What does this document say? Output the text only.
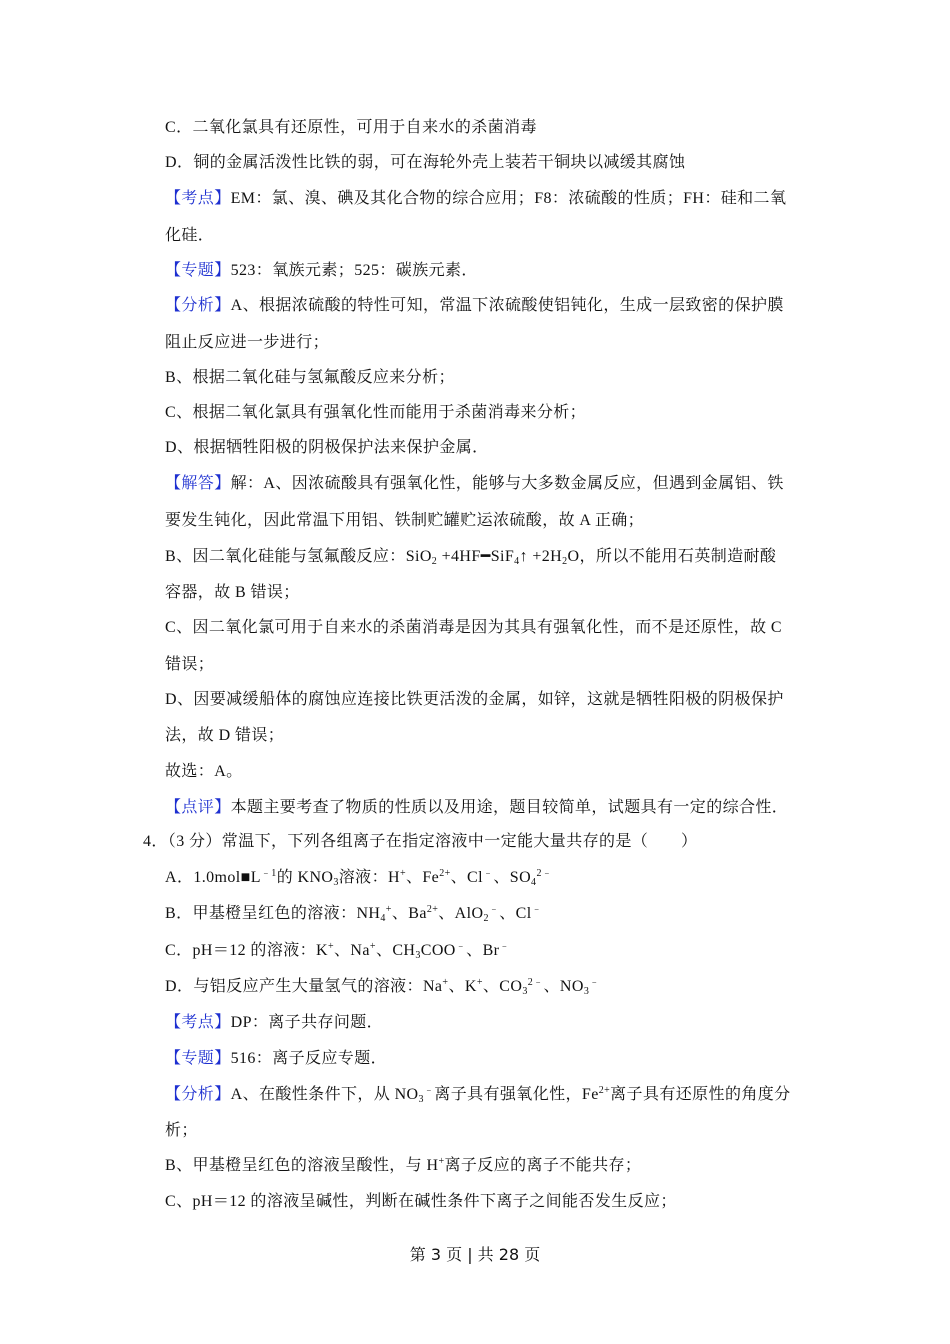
C．二氧化氯具有还原性，可用于自来水的杀菌消毒
D．铜的金属活泼性比铁的弱，可在海轮外壳上装若干铜块以减缓其腐蚀
【考点】EM：氯、溴、碘及其化合物的综合应用；F8：浓硫酸的性质；FH：硅和二氧
化硅．
【专题】523：氧族元素；525：碳族元素．
【分析】A、根据浓硫酸的特性可知，常温下浓硫酸使铝钝化，生成一层致密的保护膜
阻止反应进一步进行；
B、根据二氧化硅与氢氟酸反应来分析；
C、根据二氧化氯具有强氧化性而能用于杀菌消毒来分析；
D、根据牺牲阳极的阴极保护法来保护金属．
【解答】解：A、因浓硫酸具有强氧化性，能够与大多数金属反应，但遇到金属铝、铁
要发生钝化，因此常温下用铝、铁制贮罐贮运浓硫酸，故 A 正确；
B、因二氧化硅能与氢氟酸反应：SiO$_2$ +4HF━SiF$_4$↑ $+2H_2O$，所以不能用石英制造耐酸
容器，故 B 错误；
C、因二氧化氯可用于自来水的杀菌消毒是因为其具有强氧化性，而不是还原性，故 C
错误；
D、因要减缓船体的腐蚀应连接比铁更活泼的金属，如锌，这就是牺牲阳极的阴极保护
法，故 D 错误；
故选：A。
【点评】本题主要考查了物质的性质以及用途，题目较简单，试题具有一定的综合性．
4．（3 分）常温下，下列各组离子在指定溶液中一定能大量共存的是（　　）
A．$1.0mol■L^{﹣1}$的 $KNO_3$溶液：H+、$Fe^{2+}$、Cl﹣、$SO_4^{2﹣}$
B．甲基橙呈红色的溶液：$NH_4^+$、$Ba^{2+}$、AlO$_2$﹣、Cl﹣
C．pH＝12 的溶液：K+、Na+、$CH_3COO^﹣$、Br﹣
D．与铝反应产生大量氢气的溶液：Na+、K+、$CO_3^{2﹣}$、$NO_3^﹣$
【考点】DP：离子共存问题．
【专题】516：离子反应专题．
【分析】A、在酸性条件下，从 $NO_3^﹣$离子具有强氧化性，$Fe^{2+}$离子具有还原性的角度分
析；
B、甲基橙呈红色的溶液呈酸性，与 H+离子反应的离子不能共存；
C、pH＝12 的溶液呈碱性，判断在碱性条件下离子之间能否发生反应；
第 3 页 | 共 28 页
